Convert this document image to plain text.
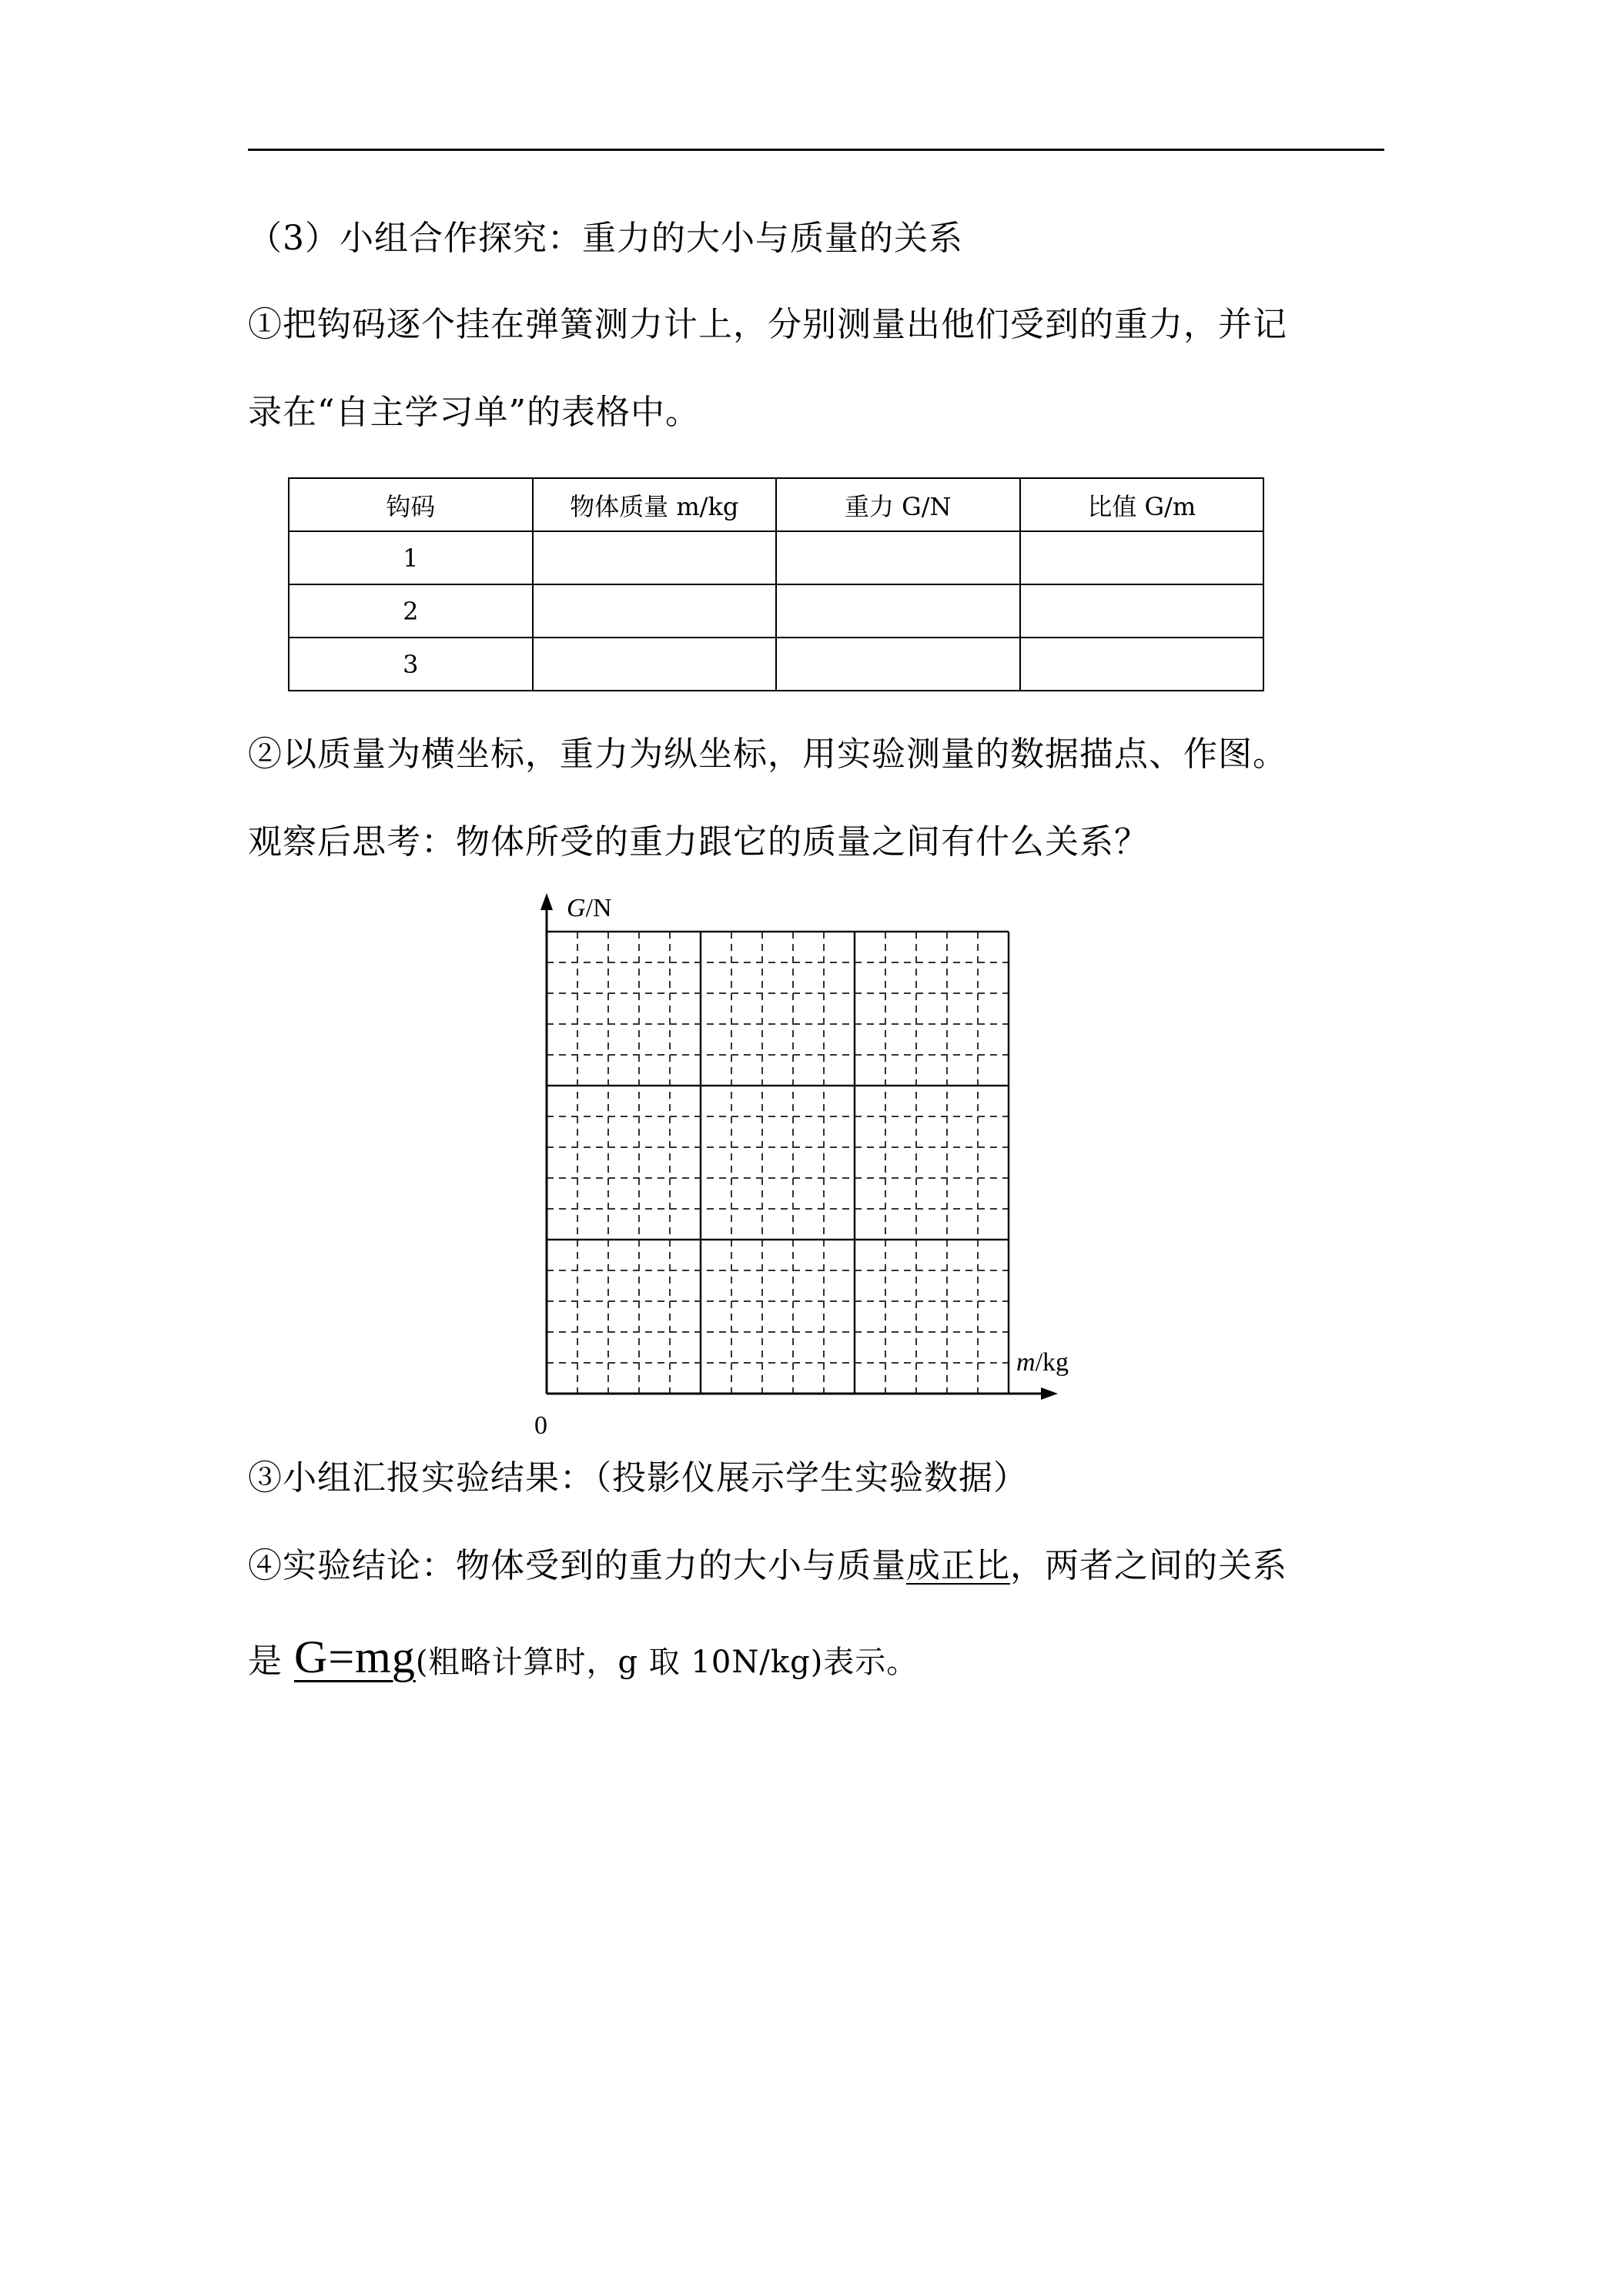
（3）小组合作探究：重力的大小与质量的关系
①把钩码逐个挂在弹簧测力计上，分别测量出他们受到的重力，并记
录在“自主学习单”的表格中。
钩码	物体质量 m/kg	重力 G/N	比值 G/m
1			
2			
3			
②以质量为横坐标，重力为纵坐标，用实验测量的数据描点、作图。
观察后思考：物体所受的重力跟它的质量之间有什么关系？
G/N
m/kg
0
③小组汇报实验结果：（投影仪展示学生实验数据）
④实验结论：物体受到的重力的大小与质量成正比，两者之间的关系
是 G=mg(粗略计算时，g 取 10N/kg)表示。
